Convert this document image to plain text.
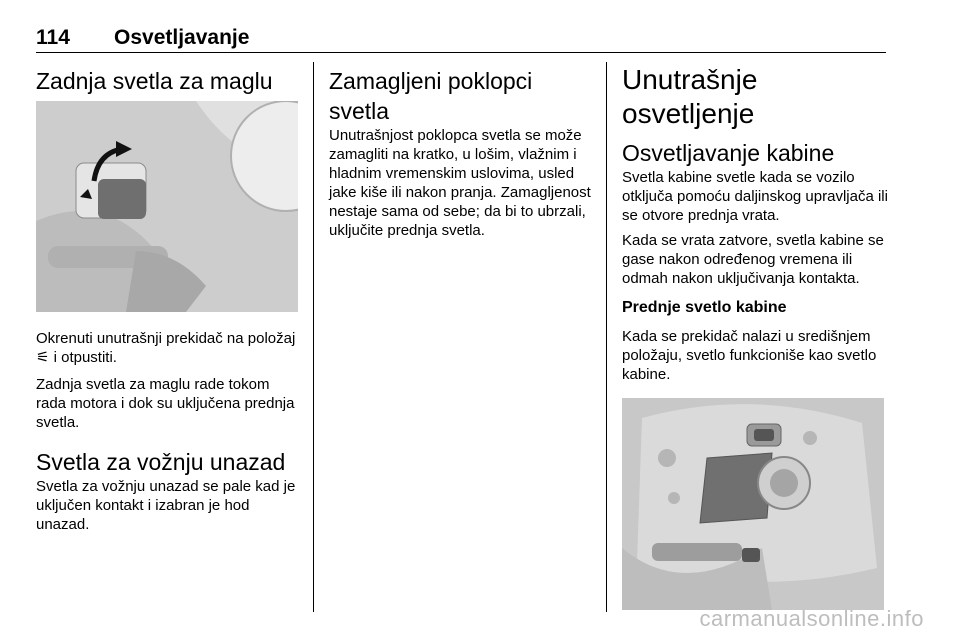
114 Osvetljavanje
Zadnja svetla za maglu

Okrenuti unutrašnji prekidač na položaj ⚟ i otpustiti.

Zadnja svetla za maglu rade tokom rada motora i dok su uključena prednja svetla.

Svetla za vožnju unazad

Svetla za vožnju unazad se pale kad je uključen kontakt i izabran je hod unazad.

Zamagljeni poklopci svetla

Unutrašnjost poklopca svetla se može zamagliti na kratko, u lošim, vlažnim i hladnim vremenskim uslovima, usled jake kiše ili nakon pranja. Zamagljenost nestaje sama od sebe; da bi to ubrzali, uključite prednja svetla.

Unutrašnje osvetljenje
Osvetljavanje kabine

Svetla kabine svetle kada se vozilo otključa pomoću daljinskog upravljača ili se otvore prednja vrata.

Kada se vrata zatvore, svetla kabine se gase nakon određenog vremena ili odmah nakon uključivanja kontakta.

Prednje svetlo kabine

Kada se prekidač nalazi u središnjem položaju, svetlo funkcioniše kao svetlo kabine.

carmanualsonline.info
